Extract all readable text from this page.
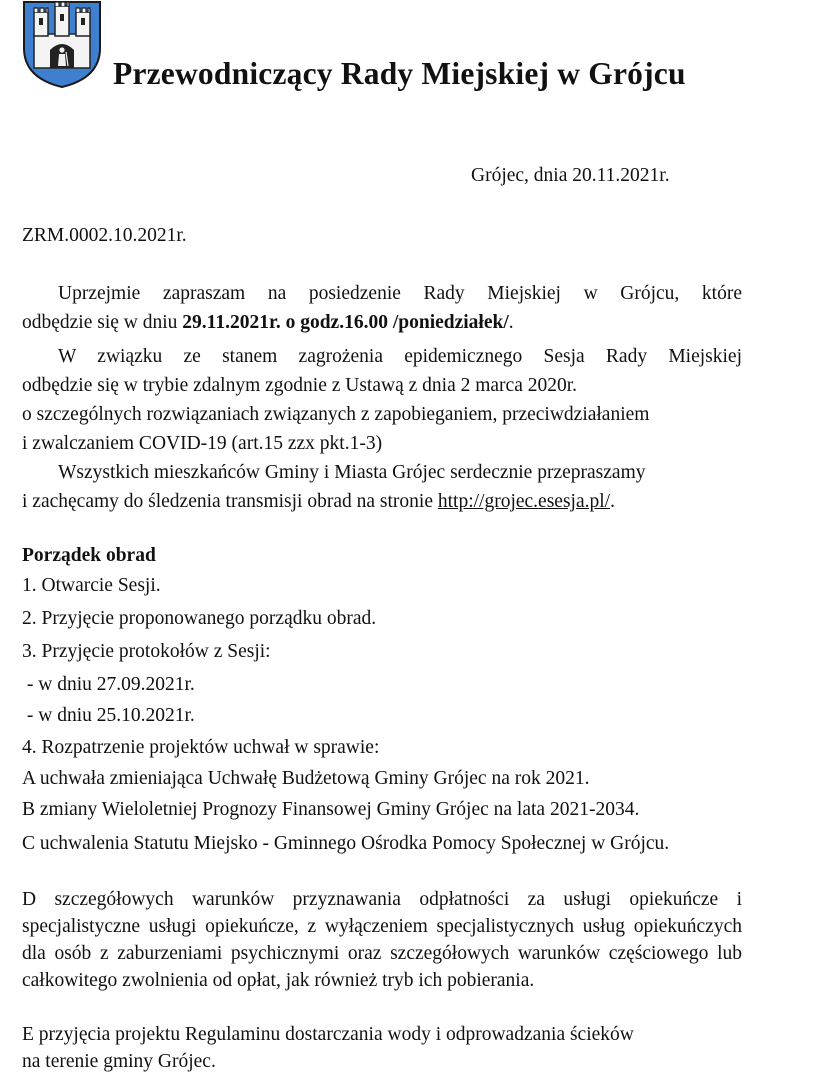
Przewodniczący Rady Miejskiej w Grójcu
Grójec, dnia 20.11.2021r.
ZRM.0002.10.2021r.
Uprzejmie zapraszam na posiedzenie Rady Miejskiej w Grójcu, które
odbędzie się w dniu 29.11.2021r. o godz.16.00 /poniedziałek/.
W związku ze stanem zagrożenia epidemicznego Sesja Rady Miejskiej
odbędzie się w trybie zdalnym zgodnie z Ustawą z dnia 2 marca 2020r.
o szczególnych rozwiązaniach związanych z zapobieganiem, przeciwdziałaniem
i zwalczaniem COVID-19 (art.15 zzx pkt.1-3)
Wszystkich mieszkańców Gminy i Miasta Grójec serdecznie przepraszamy
i zachęcamy do śledzenia transmisji obrad na stronie http://grojec.esesja.pl/.
Porządek obrad
1. Otwarcie Sesji.
2. Przyjęcie proponowanego porządku obrad.
3. Przyjęcie protokołów z Sesji:
- w dniu 27.09.2021r.
- w dniu 25.10.2021r.
4. Rozpatrzenie projektów uchwał w sprawie:
A uchwała zmieniająca Uchwałę Budżetową Gminy Grójec na rok 2021.
B zmiany Wieloletniej Prognozy Finansowej Gminy Grójec na lata 2021-2034.
C uchwalenia Statutu Miejsko - Gminnego Ośrodka Pomocy Społecznej w Grójcu.
D szczegółowych warunków przyznawania odpłatności za usługi opiekuńcze i specjalistyczne usługi opiekuńcze, z wyłączeniem specjalistycznych usług opiekuńczych dla osób z zaburzeniami psychicznymi oraz szczegółowych warunków częściowego lub całkowitego zwolnienia od opłat, jak również tryb ich pobierania.
E przyjęcia projektu Regulaminu dostarczania wody i odprowadzania ścieków
na terenie gminy Grójec.
